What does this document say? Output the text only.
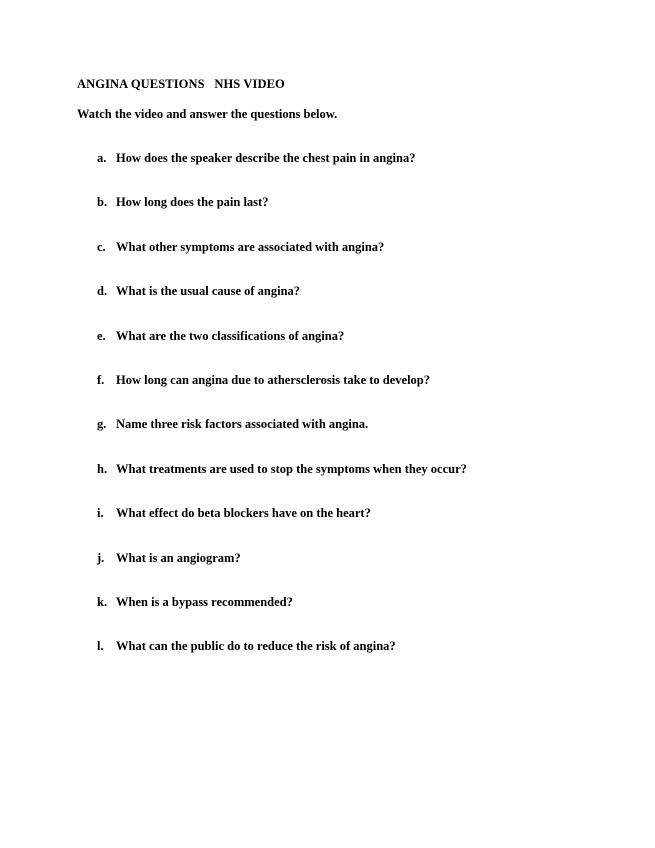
ANGINA QUESTIONS   NHS VIDEO
Watch the video and answer the questions below.
a. How does the speaker describe the chest pain in angina?
b. How long does the pain last?
c. What other symptoms are associated with angina?
d. What is the usual cause of angina?
e. What are the two classifications of angina?
f. How long can angina due to athersclerosis take to develop?
g. Name three risk factors associated with angina.
h. What treatments are used to stop the symptoms when they occur?
i. What effect do beta blockers have on the heart?
j. What is an angiogram?
k. When is a bypass recommended?
l. What can the public do to reduce the risk of angina?
